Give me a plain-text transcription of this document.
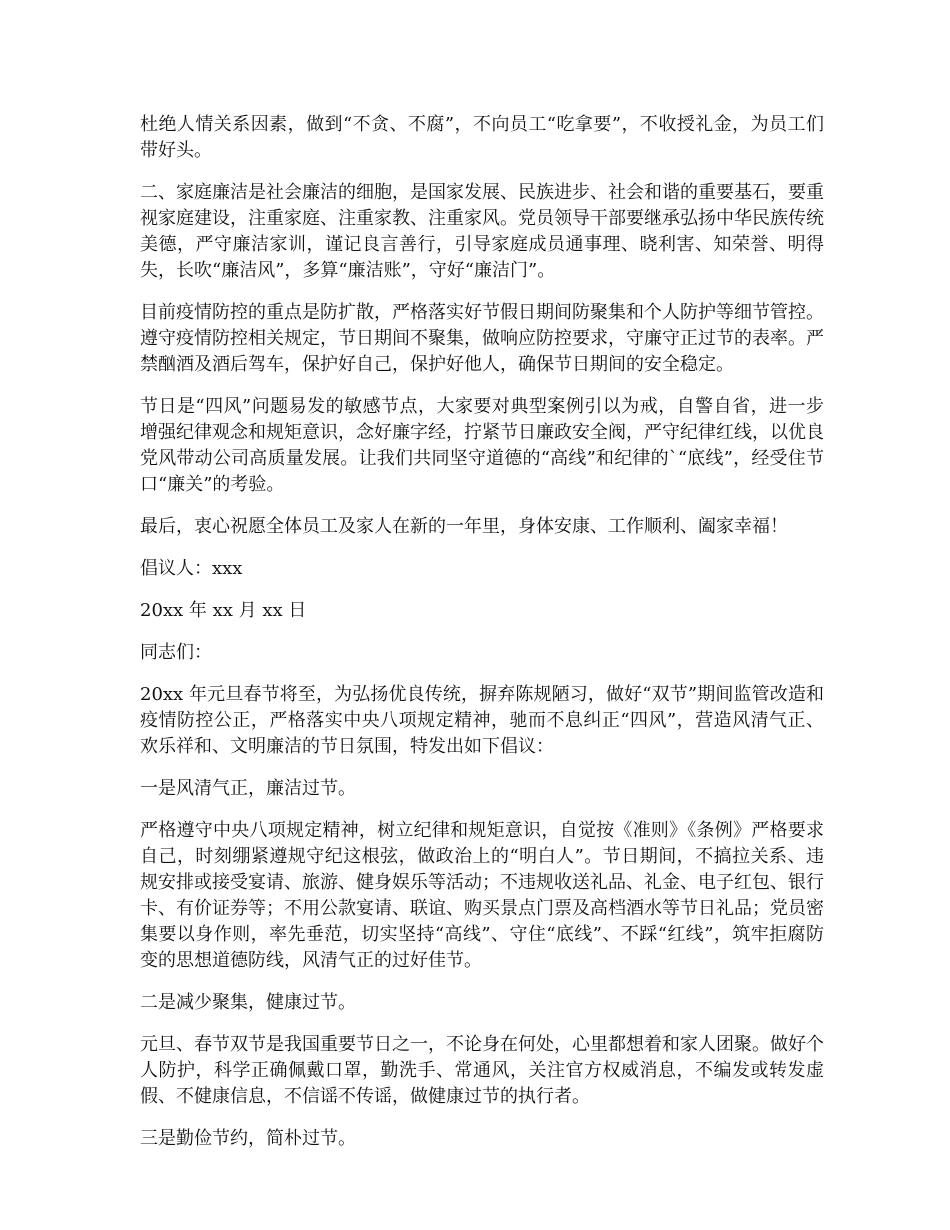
杜绝人情关系因素，做到“不贪、不腐”，不向员工“吃拿要”，不收授礼金，为员工们带好头。

二、家庭廉洁是社会廉洁的细胞，是国家发展、民族进步、社会和谐的重要基石，要重视家庭建设，注重家庭、注重家教、注重家风。党员领导干部要继承弘扬中华民族传统美德，严守廉洁家训，谨记良言善行，引导家庭成员通事理、晓利害、知荣誉、明得失，长吹“廉洁风”，多算“廉洁账”，守好“廉洁门”。

目前疫情防控的重点是防扩散，严格落实好节假日期间防聚集和个人防护等细节管控。遵守疫情防控相关规定，节日期间不聚集，做响应防控要求，守廉守正过节的表率。严禁酗酒及酒后驾车，保护好自己，保护好他人，确保节日期间的安全稳定。

节日是“四风”问题易发的敏感节点，大家要对典型案例引以为戒，自警自省，进一步增强纪律观念和规矩意识，念好廉字经，拧紧节日廉政安全阀，严守纪律红线，以优良党风带动公司高质量发展。让我们共同坚守道德的“高线”和纪律的`“底线”，经受住节口“廉关”的考验。

最后，衷心祝愿全体员工及家人在新的一年里，身体安康、工作顺利、阖家幸福！

倡议人：xxx

20xx 年 xx 月 xx 日

同志们：

20xx 年元旦春节将至，为弘扬优良传统，摒弃陈规陋习，做好“双节”期间监管改造和疫情防控公正，严格落实中央八项规定精神，驰而不息纠正“四风”，营造风清气正、欢乐祥和、文明廉洁的节日氛围，特发出如下倡议：

一是风清气正，廉洁过节。

严格遵守中央八项规定精神，树立纪律和规矩意识，自觉按《准则》《条例》严格要求自己，时刻绷紧遵规守纪这根弦，做政治上的“明白人”。节日期间，不搞拉关系、违规安排或接受宴请、旅游、健身娱乐等活动；不违规收送礼品、礼金、电子红包、银行卡、有价证券等；不用公款宴请、联谊、购买景点门票及高档酒水等节日礼品；党员密集要以身作则，率先垂范，切实坚持“高线”、守住“底线”、不踩“红线”，筑牢拒腐防变的思想道德防线，风清气正的过好佳节。

二是减少聚集，健康过节。

元旦、春节双节是我国重要节日之一，不论身在何处，心里都想着和家人团聚。做好个人防护，科学正确佩戴口罩，勤洗手、常通风，关注官方权威消息，不编发或转发虚假、不健康信息，不信谣不传谣，做健康过节的执行者。

三是勤俭节约，简朴过节。
